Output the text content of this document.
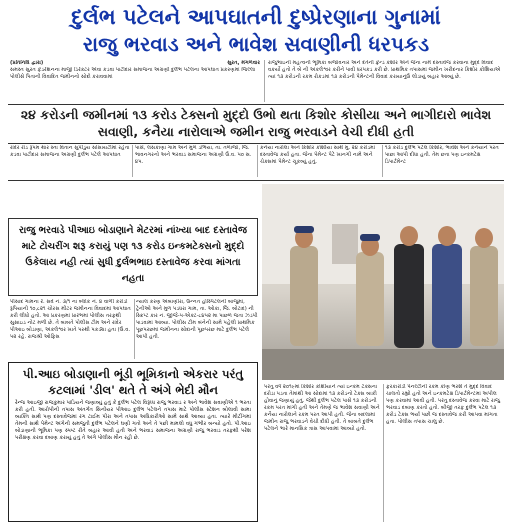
દુર્લભ પટેલને આપઘાતની દુષ્પ્રેરણાના ગુનામાં
રાજુ ભરવાડ અને ભાવેશ સવાણીની ધરપકડ
(પ્રતિનિધિ દ્વારા)	સુરત, મંગળવાર
સમસ્ત સુરત ફેડરેશનના માજી ડિરેક્ટર એવા કડવા પાટીદાર સમાજના અગ્રણી દુર્લભ પટેલના આપઘાત પ્રકરણમાં જિલ્લા પોલીસે પિતાની વિવાદિત જમીનનો સોદો કરાવવામાં
રાજુભાઇની મહત્વની ભૂમિકા બજાવનાર અને દેતેની ફ્રેન્ડ કશોર એને જેના નામે દસ્તાવેજ કરવાના મુદ્દે વિવાદ વકર્યો હતો તે બે ની અંકલેશ્વર કરીને પાવી ધરપકડ કરી છે. પ્રાથમિક તપાસમાં જમીન ખરીદનાર કિશોર કોશિયાએ ત્યાં ૧૩ કરોડની રકમ રોકડમાં ૧૩ કરોડની પેમેન્ટની વિવાદ કરાયાનુંઉ લોડાયું બહાર આવ્યું છે.
૨૪ કરોડની જમીનમાં ૧૩ કરોડ ટેક્સનો મુદ્દો ઉભો થતા કિશોર કોસીયા અને ભાગીદારો ભાવેશ સવાણી, કનૈયા નારોલાએ જમીન રાજુ ભરવાડને વેચી દીધી હતી
રાંદેર રોડ રૂપમ થાર સ્તા વિતાન સુપીડુય સોસાયટીમાં રહેતા કડવા પાટીદાર સમાજના અગ્રણી દુર્લભ પટેલે આપઘાત
પાસે, લસકાણા ગામ અને મુળ ડભિયા, તા. તળાજા, જિ. ભાવનગરનો અને ભરવાડ સમાજના અગ્રણી ઉ.વ. ૫૦ સ. ૪૫.
કનૈયા નારોલા અને કિશોર કોશીયા સાથે મુ. ૨૪ કરોડમાં દસ્તાવેજ કર્યા હતા. જેના પેમેન્ટ પેટે ખાનગી નામે અને ચેક્સમાં પેમેન્ટ ચૂકવ્યું હતું.
૧૩ કરોડ દુર્લભ પટેલ કિશોર, ભાવેશ અને કનૈયાને પરત પાછા આપી દીધા હતી. તેમ છતા પણ ઇન્કમટેક્ષ ડિપાર્ટમેન્ટ
રાજુ ભરવાડે પીઆઇ બોડાણાને મેટરમાં નાંખ્યા બાદ દસ્તાવેજ માટે ટોચરીંગ શરૂ કરાયું પણ ૧૩ કરોડ ઇન્કમટેક્સનો મુદ્દો ઉકેલાય નહી ત્યાં સુધી દુર્લભભાઇ દસ્તાવેજ કરવા માંગતા નહતા
પીસાદ ગામના રે. સર્વે નં. ૩/૧ ના બ્લોક નં. ૪ વાળી કરોડો રૂપિયાની ૧૦,૮૨૧ ચોરસ મીટર જમીનના વિવાદમાં આપઘાત કરી લીધો હતો. આ પ્રકરણમાં પ્રારંભમાં પોલીસ તરફથી સુસાઇડ નોટ મળી છે. તે બાબતે પોલીસ ટીમ અને રાંદેર પીઆઇ બોડાણા, અંકલેશ્વર ખાતે પરથી પકડ્યા હતા (ઉ.વ. ૫૨ રહે. રાજશ્રી ઓફિસ
ન્યાલ કરણ અંબાણીરા, ઉન્નત હોસ્પિટલની બાજુમાં, ટ્રેનીઓ અને મુળ પડધરા ગામ, તા. ઓકા, જિ. બોટાદ) ની સ્ક્રિપ્ટ કાર નં. જીજે-૫-એક્ટ-૮૪૫૨ મા પાછળ જતા ઝડપી પાડવામાં આવ્યા. પોલીસ ટીમ બંનેની સામે પહેલી પ્રાથમિક પૂછપરછમાં જમીનના સોદાની પૂછપરછ માટે દુર્લભ પટેલે આપી હતી.
પી.આઇ બોડાણાની ભૂંડી ભૂમિકાનો એકરાર પરંતુ કટલામાં 'ડીલ' થતે તે અંગે ભેદી મૌન
રેન્જ આઇજી રાજકુમાર પાંડિયને જણાવ્યું હતું કે દુર્લભ પટેલ વિરૂધ્ધ રાજુ ભરવાડ ર અને ભાવેશ સવાણીએ ૧ ભરતા કરી હતી. આરોપીની તપાસ અંતર્ગત સિનીયર પીઆઇ દુર્લભ પટેલને તપાસ માટે પોલીસ સ્ટેશન બોલાવી સામા વ્યક્તિ સાથે પણ દસ્તાવેજમાં રંગ ટાઈમ પીરા અને તપાસ અધિકારીઓ સામે સાથે આવ્યા હતા. ત્યારે મીટીંગમાં તેમની સાથે પેમેન્ટ અંગેની સમજુતી દુર્લભ પટેલને ઘણી ગતો અને તે પછી મામલો વધુ ગંભીર બન્યો હતો. પી.આઇ બોડાણાની ભૂમિકા પણ સ્પષ્ટ રીતે બહાર આવી હતી અને ભરવાડ સમાજના અગ્રણી રાજુ ભરવાડ તરફથી પરેશ પરીક્ષણ કરવા દબાણ કરાયું હતું તે અંગે પોલીસ મૌન રહી છે.
પરંતુ વર્ષ ૨૦૧૯માં કિશોર કોશીયાને ત્યાં ઇન્કમ ટેક્સના દરોડા પડતા તેમાંથી આ સોદામાં ૧૩ કરોડનો ટેક્સ બાકી હોવાનું જણાયું હતું. જેથી દુર્લભ પટેલ પાસે ૧૩ કરોડની રકમ પરત માંગી હતી અને તેમણે જ ભાવેશ સવાણી અને કનૈયા નારોલાને રકમ પરત આપી હતી. જેના બદલામાં જમીન રાજુ ભરવાડને વેચી દીધી હતી. તે બાબતે દુર્લભ પટેલને ભારે માનસિક ત્રાસ આપવામાં આવ્યો હતો.
ફરકારોડી પેનલ્ટીની રકમ કોણ ભરશે તે મુદ્દે વિવાદ ચાલતો રહ્યો હતો અને ઇન્કમટેક્ષ ડિપાર્ટમેન્ટમાં અપીલ પણ કરવામાં આવી હતી. પરંતુ દસ્તાવેજ કરવા માટે રાજુ ભરવાડ દબાણ કરતો હતો. બીજી તરફ દુર્લભ પટેલ ૧૩ કરોડ ટેક્સ ભર્યા પછી જ દસ્તાવેજ કરી આપવા માંગતા હતા. પોલીસ તપાસ ચાલુ છે.
